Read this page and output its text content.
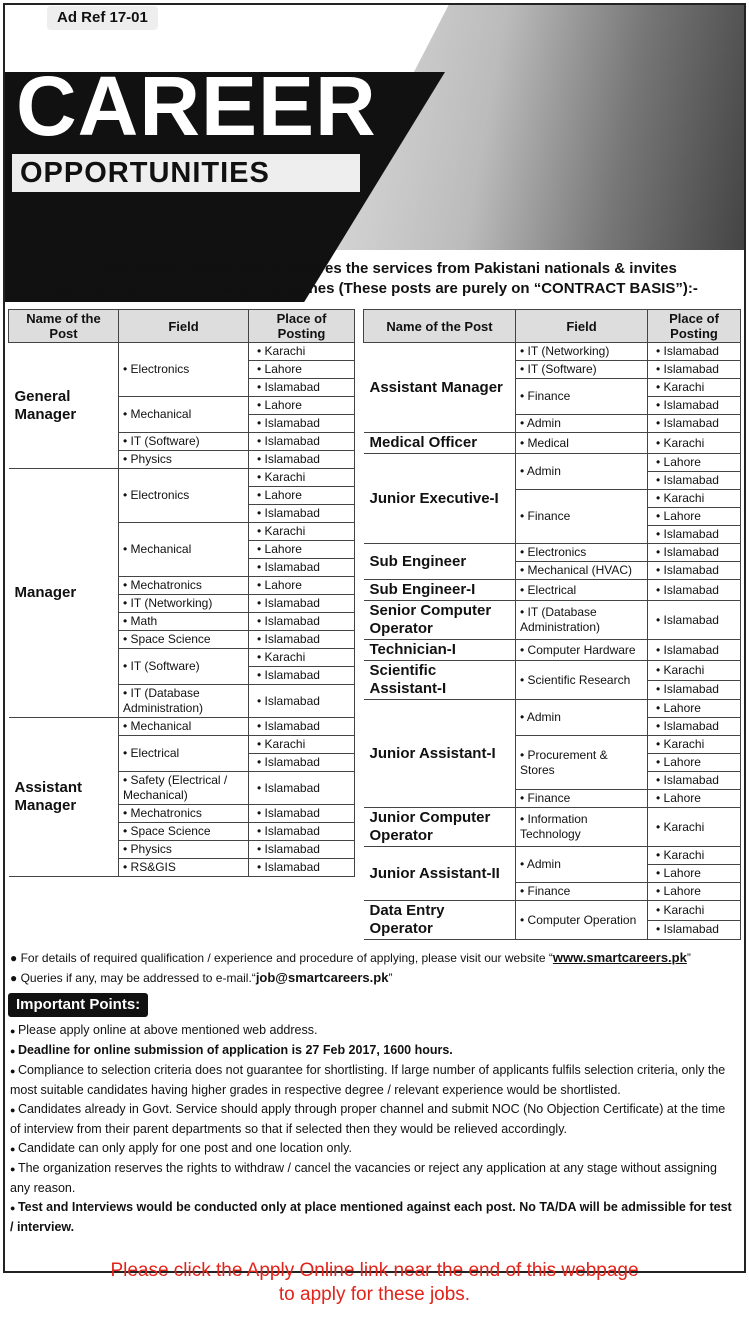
Ad Ref 17-01
CAREER
OPPORTUNITIES
A Public Sector Organization requires the services from Pakistani nationals & invites
applications in the following disciplines (These posts are purely on “CONTRACT BASIS”):-
Name of the Post	Field	Place of Posting
General Manager	• Electronics	• Karachi
		• Lahore
		• Islamabad
	• Mechanical	• Lahore
		• Islamabad
	• IT (Software)	• Islamabad
	• Physics	• Islamabad
Manager	• Electronics	• Karachi
		• Lahore
		• Islamabad
	• Mechanical	• Karachi
		• Lahore
		• Islamabad
	• Mechatronics	• Lahore
	• IT (Networking)	• Islamabad
	• Math	• Islamabad
	• Space Science	• Islamabad
	• IT (Software)	• Karachi
		• Islamabad
	• IT (Database Administration)	• Islamabad
Assistant Manager	• Mechanical	• Islamabad
	• Electrical	• Karachi
		• Islamabad
	• Safety (Electrical / Mechanical)	• Islamabad
	• Mechatronics	• Islamabad
	• Space Science	• Islamabad
	• Physics	• Islamabad
	• RS&GIS	• Islamabad
Name of the Post	Field	Place of Posting
Assistant Manager	• IT (Networking)	• Islamabad
	• IT (Software)	• Islamabad
	• Finance	• Karachi
		• Islamabad
	• Admin	• Islamabad
Medical Officer	• Medical	• Karachi
Junior Executive-I	• Admin	• Lahore
		• Islamabad
	• Finance	• Karachi
		• Lahore
		• Islamabad
Sub Engineer	• Electronics	• Islamabad
	• Mechanical (HVAC)	• Islamabad
Sub Engineer-I	• Electrical	• Islamabad
Senior Computer Operator	• IT (Database Administration)	• Islamabad
Technician-I	• Computer Hardware	• Islamabad
Scientific Assistant-I	• Scientific Research	• Karachi
		• Islamabad
Junior Assistant-I	• Admin	• Lahore
		• Islamabad
	• Procurement & Stores	• Karachi
		• Lahore
		• Islamabad
	• Finance	• Lahore
Junior Computer Operator	• Information Technology	• Karachi
Junior Assistant-II	• Admin	• Karachi
		• Lahore
	• Finance	• Lahore
Data Entry Operator	• Computer Operation	• Karachi
		• Islamabad
● For details of required qualification / experience and procedure of applying, please visit our website “www.smartcareers.pk”
● Queries if any, may be addressed to e-mail.“job@smartcareers.pk”
Important Points:
● Please apply online at above mentioned web address.
● Deadline for online submission of application is 27 Feb 2017, 1600 hours.
● Compliance to selection criteria does not guarantee for shortlisting. If large number of applicants fulfils selection criteria, only the most suitable candidates having higher grades in respective degree / relevant experience would be shortlisted.
● Candidates already in Govt. Service should apply through proper channel and submit NOC (No Objection Certificate) at the time of interview from their parent departments so that if selected then they would be relieved accordingly.
● Candidate can only apply for one post and one location only.
● The organization reserves the rights to withdraw / cancel the vacancies or reject any application at any stage without assigning any reason.
● Test and Interviews would be conducted only at place mentioned against each post. No TA/DA will be admissible for test / interview.
Please click the Apply Online link near the end of this webpage
to apply for these jobs.
